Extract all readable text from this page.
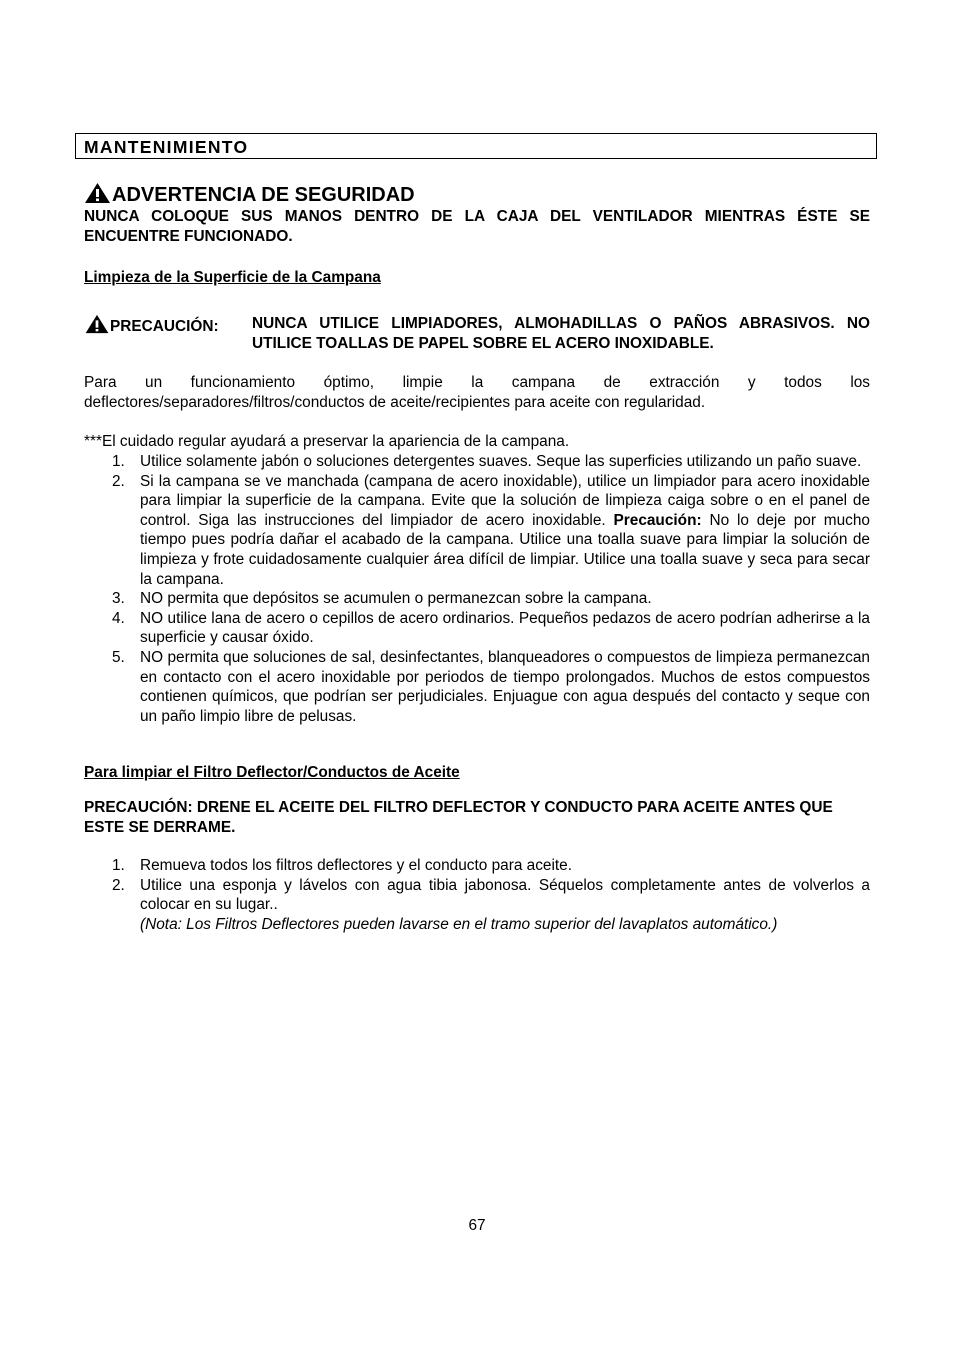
MANTENIMIENTO
ADVERTENCIA DE SEGURIDAD
NUNCA COLOQUE SUS MANOS DENTRO DE LA CAJA DEL VENTILADOR MIENTRAS ÉSTE SE ENCUENTRE FUNCIONADO.
Limpieza de la Superficie de la Campana
PRECAUCIÓN: NUNCA UTILICE LIMPIADORES, ALMOHADILLAS O PAÑOS ABRASIVOS. NO UTILICE TOALLAS DE PAPEL SOBRE EL ACERO INOXIDABLE.
Para un funcionamiento óptimo, limpie la campana de extracción y todos los deflectores/separadores/filtros/conductos de aceite/recipientes para aceite con regularidad.
***El cuidado regular ayudará a preservar la apariencia de la campana.
1. Utilice solamente jabón o soluciones detergentes suaves. Seque las superficies utilizando un paño suave.
2. Si la campana se ve manchada (campana de acero inoxidable), utilice un limpiador para acero inoxidable para limpiar la superficie de la campana. Evite que la solución de limpieza caiga sobre o en el panel de control. Siga las instrucciones del limpiador de acero inoxidable. Precaución: No lo deje por mucho tiempo pues podría dañar el acabado de la campana. Utilice una toalla suave para limpiar la solución de limpieza y frote cuidadosamente cualquier área difícil de limpiar. Utilice una toalla suave y seca para secar la campana.
3. NO permita que depósitos se acumulen o permanezcan sobre la campana.
4. NO utilice lana de acero o cepillos de acero ordinarios. Pequeños pedazos de acero podrían adherirse a la superficie y causar óxido.
5. NO permita que soluciones de sal, desinfectantes, blanqueadores o compuestos de limpieza permanezcan en contacto con el acero inoxidable por periodos de tiempo prolongados. Muchos de estos compuestos contienen químicos, que podrían ser perjudiciales. Enjuague con agua después del contacto y seque con un paño limpio libre de pelusas.
Para limpiar el Filtro Deflector/Conductos de Aceite
PRECAUCIÓN: DRENE EL ACEITE DEL FILTRO DEFLECTOR Y CONDUCTO PARA ACEITE ANTES QUE ESTE SE DERRAME.
1. Remueva todos los filtros deflectores y el conducto para aceite.
2. Utilice una esponja y lávelos con agua tibia jabonosa. Séquelos completamente antes de volverlos a colocar en su lugar..
(Nota: Los Filtros Deflectores pueden lavarse en el tramo superior del lavaplatos automático.)
67
